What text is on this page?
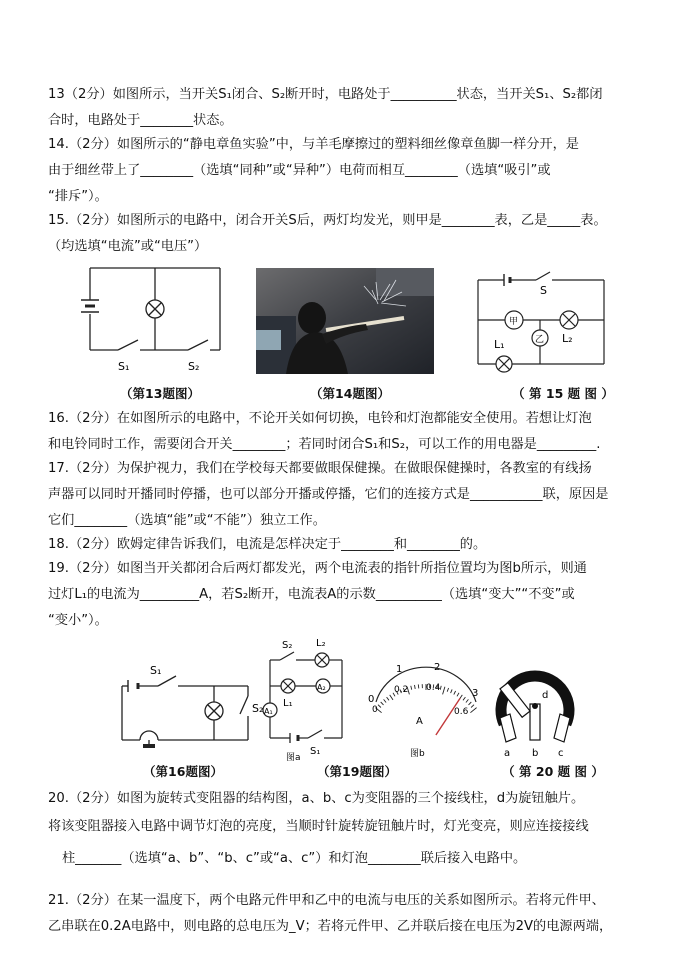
13（2分）如图所示，当开关S₁闭合、S₂断开时，电路处于__________状态，当开关S₁、S₂都闭
合时，电路处于________状态。
14.（2分）如图所示的“静电章鱼实验”中，与羊毛摩擦过的塑料细丝像章鱼脚一样分开，是
由于细丝带上了________（选填“同种”或“异种”）电荷而相互________（选填“吸引”或
“排斥”）。
15.（2分）如图所示的电路中，闭合开关S后，两灯均发光，则甲是________表，乙是_____表。
（均选填“电流”或“电压”）
S₁	S₂
S
甲
乙
L₁	L₂
（第13题图）	（第14题图）	（ 第 15 题 图 ）
16.（2分）在如图所示的电路中，不论开关如何切换，电铃和灯泡都能安全使用。若想让灯泡
和电铃同时工作，需要闭合开关________；若同时闭合S₁和S₂，可以工作的用电器是_________.
17.（2分）为保护视力，我们在学校每天都要做眼保健操。在做眼保健操时，各教室的有线扬
声器可以同时开播同时停播，也可以部分开播或停播，它们的连接方式是___________联，原因是
它们________（选填“能”或“不能”）独立工作。
18.（2分）欧姆定律告诉我们，电流是怎样决定于________和________的。
19.（2分）如图当开关都闭合后两灯都发光，两个电流表的指针所指位置均为图b所示，则通
过灯L₁的电流为_________A，若S₂断开，电流表A的示数__________（选填“变大”“不变”或
“变小”）。
S₁
S₂
S₂ L₂
L₁
A₂
A₁
S₁
图a
0
1	2
3
0
0.2 0.4
0.6
A
图b	a b c
d
（第16题图）	（第19题图）	（ 第 20 题 图 ）
20.（2分）如图为旋转式变阻器的结构图，a、b、c为变阻器的三个接线柱，d为旋钮触片。
将该变阻器接入电路中调节灯泡的亮度，当顺时针旋转旋钮触片时，灯光变亮，则应连接接线
柱_______（选填“a、b”、“b、c”或“a、c”）和灯泡________联后接入电路中。
21.（2分）在某一温度下，两个电路元件甲和乙中的电流与电压的关系如图所示。若将元件甲、
乙串联在0.2A电路中，则电路的总电压为_V；若将元件甲、乙并联后接在电压为2V的电源两端，
